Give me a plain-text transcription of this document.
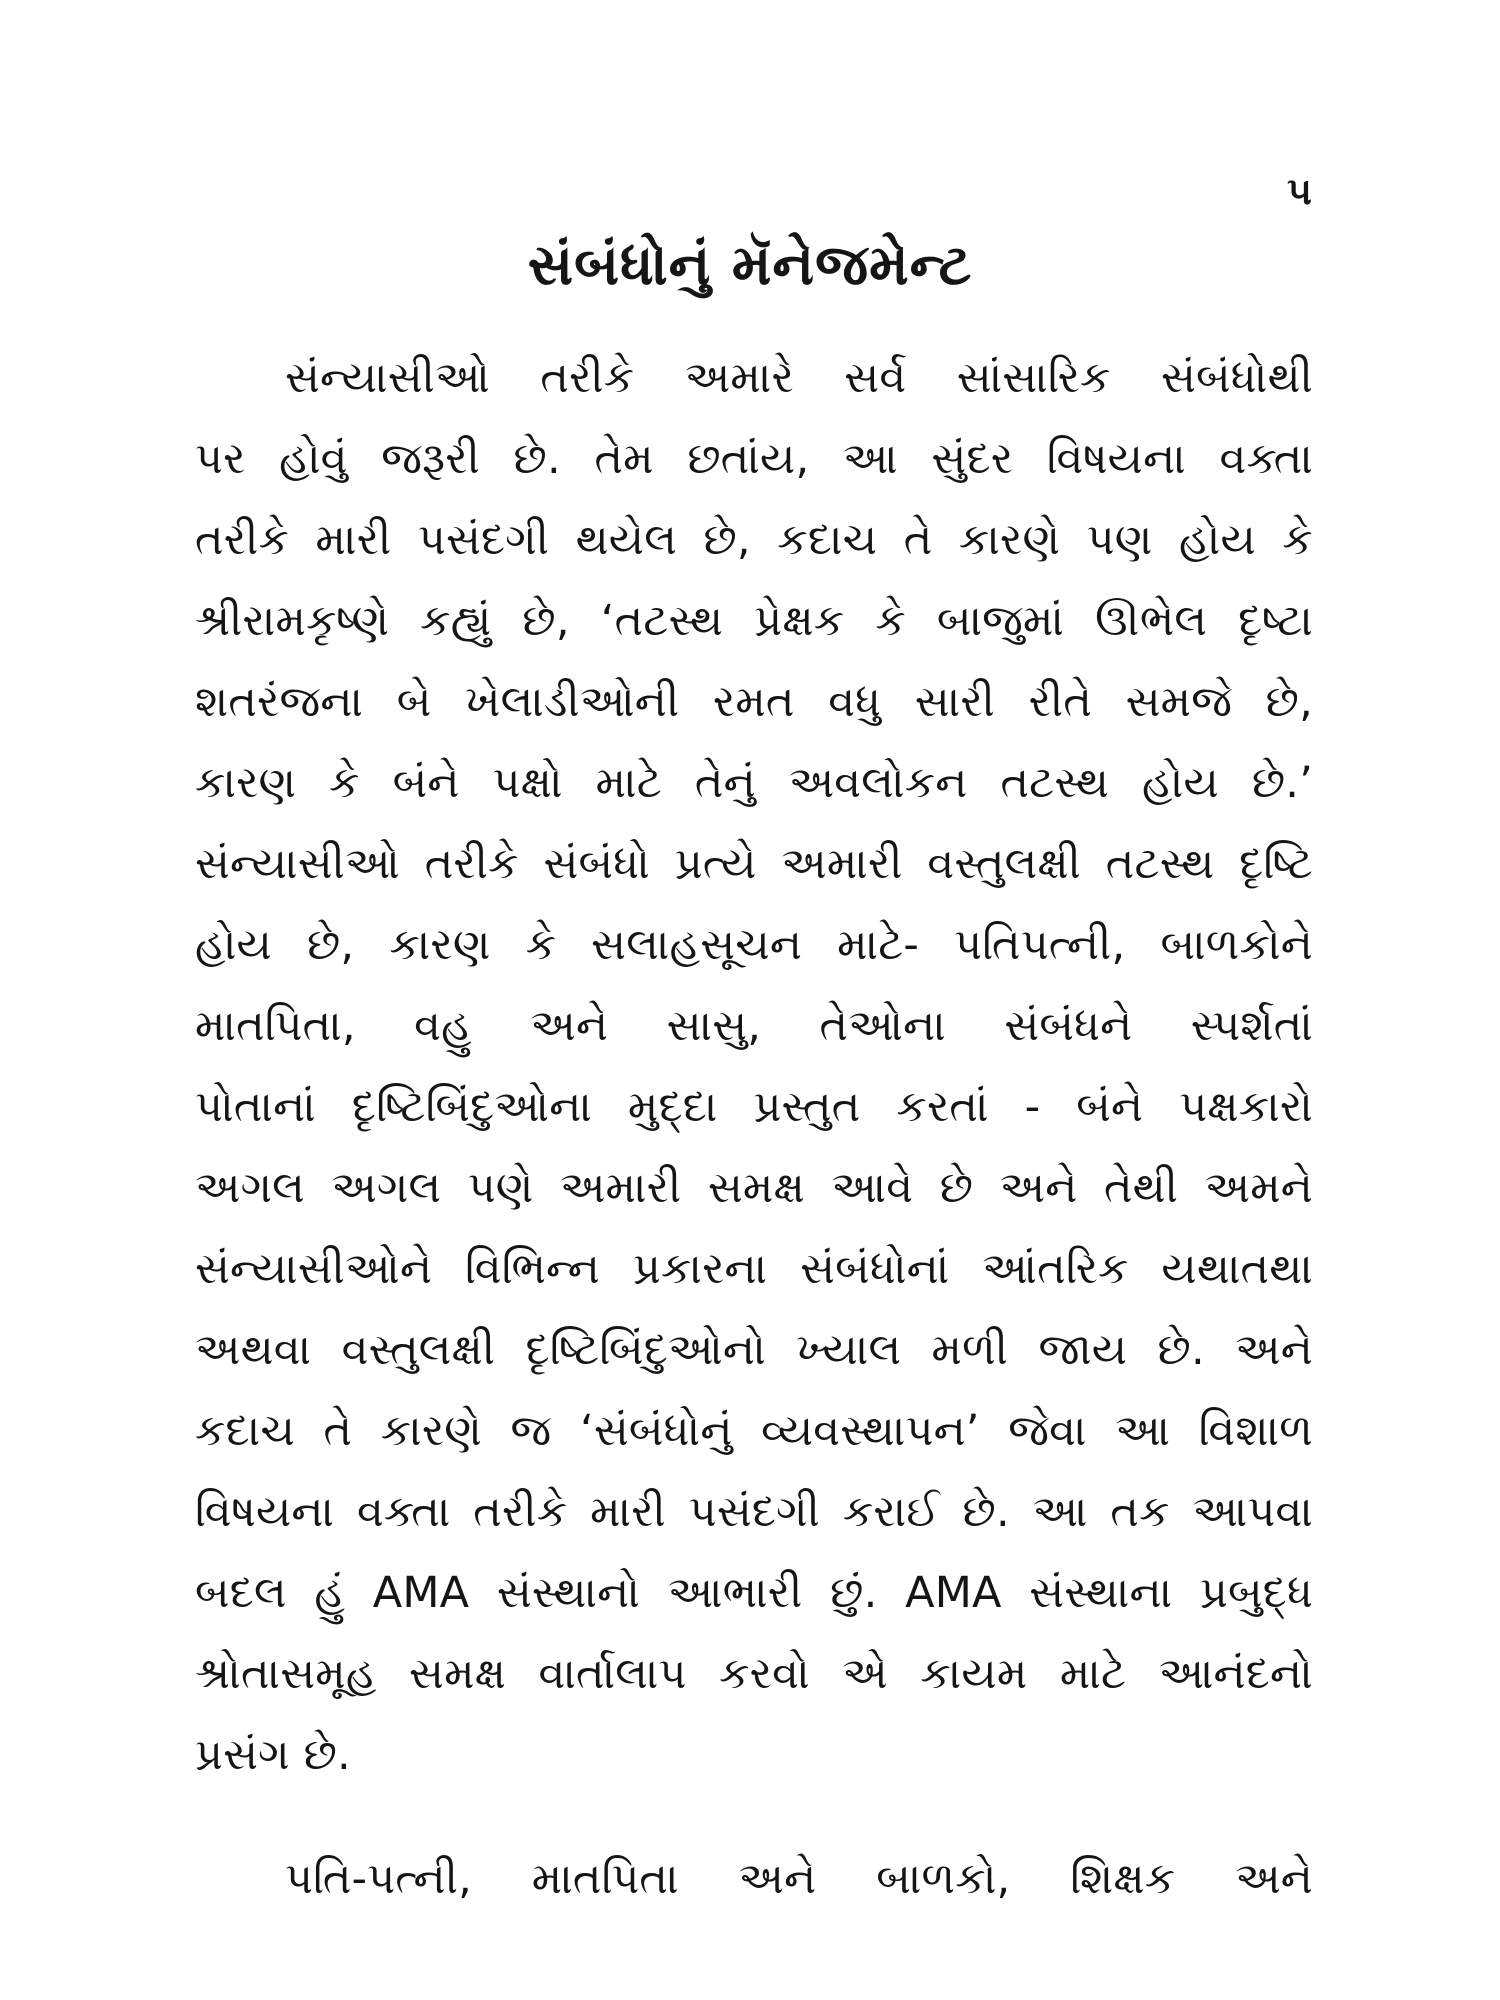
૫
સંબંધોનું મૅનેજમેન્ટ
સંન્યાસીઓ તરીકે અમારે સર્વ સાંસારિક સંબંધોથી
પર હોવું જરૂરી છે. તેમ છતાંય, આ સુંદર વિષયના વક્તા
તરીકે મારી પસંદગી થયેલ છે, કદાચ તે કારણે પણ હોય કે
શ્રીરામકૃષ્ણે કહ્યું છે, ‘તટસ્થ પ્રેક્ષક કે બાજુમાં ઊભેલ દૃષ્ટા
શતરંજના બે ખેલાડીઓની રમત વધુ સારી રીતે સમજે છે,
કારણ કે બંને પક્ષો માટે તેનું અવલોકન તટસ્થ હોય છે.’
સંન્યાસીઓ તરીકે સંબંધો પ્રત્યે અમારી વસ્તુલક્ષી તટસ્થ દૃષ્ટિ
હોય છે, કારણ કે સલાહસૂચન માટે- પતિપત્ની, બાળકોને
માતપિતા, વહુ અને સાસુ, તેઓના સંબંધને સ્પર્શતાં
પોતાનાં દૃષ્ટિબિંદુઓના મુદ્દા પ્રસ્તુત કરતાં - બંને પક્ષકારો
અગલ અગલ પણે અમારી સમક્ષ આવે છે અને તેથી અમને
સંન્યાસીઓને વિભિન્ન પ્રકારના સંબંધોનાં આંતરિક યથાતથા
અથવા વસ્તુલક્ષી દૃષ્ટિબિંદુઓનો ખ્યાલ મળી જાય છે. અને
કદાચ તે કારણે જ ‘સંબંધોનું વ્યવસ્થાપન’ જેવા આ વિશાળ
વિષયના વક્તા તરીકે મારી પસંદગી કરાઈ છે. આ તક આપવા
બદલ હું AMA સંસ્થાનો આભારી છું. AMA સંસ્થાના પ્રબુદ્ધ
શ્રોતાસમૂહ સમક્ષ વાર્તાલાપ કરવો એ કાયમ માટે આનંદનો
પ્રસંગ છે.
પતિ-પત્ની, માતપિતા અને બાળકો, શિક્ષક અને
